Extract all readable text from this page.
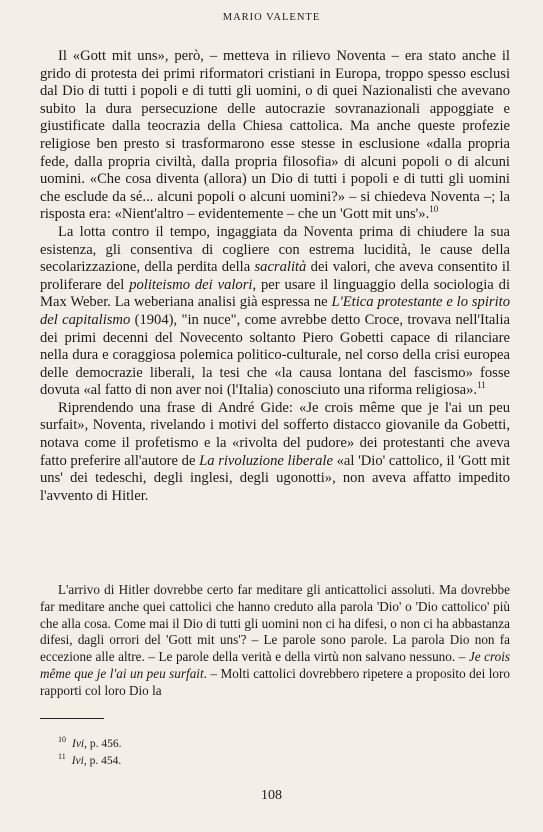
MARIO VALENTE

Il «Gott mit uns», però, – metteva in rilievo Noventa – era stato anche il grido di protesta dei primi riformatori cristiani in Europa, troppo spesso esclusi dal Dio di tutti i popoli e di tutti gli uomini, o di quei Nazionalisti che avevano subito la dura persecuzione delle autocrazie sovranazionali appoggiate e giustificate dalla teocrazia della Chiesa cattolica. Ma anche queste profezie religiose ben presto si trasformarono esse stesse in esclusione «dalla propria fede, dalla propria civiltà, dalla propria filosofia» di alcuni popoli o di alcuni uomini. «Che cosa diventa (allora) un Dio di tutti i popoli e di tutti gli uomini che esclude da sé... alcuni popoli o alcuni uomini?» – si chiedeva Noventa –; la risposta era: «Nient'altro – evidentemente – che un 'Gott mit uns'».$^{10}$

La lotta contro il tempo, ingaggiata da Noventa prima di chiudere la sua esistenza, gli consentiva di cogliere con estrema lucidità, le cause della secolarizzazione, della perdita della sacralità dei valori, che aveva consentito il proliferare del politeismo dei valori, per usare il linguaggio della sociologia di Max Weber. La weberiana analisi già espressa ne L'Etica protestante e lo spirito del capitalismo (1904), "in nuce", come avrebbe detto Croce, trovava nell'Italia dei primi decenni del Novecento soltanto Piero Gobetti capace di rilanciare nella dura e coraggiosa polemica politico-culturale, nel corso della crisi europea delle democrazie liberali, la tesi che «la causa lontana del fascismo» fosse dovuta «al fatto di non aver noi (l'Italia) conosciuto una riforma religiosa».$^{11}$

Riprendendo una frase di André Gide: «Je crois même que je l'ai un peu surfait», Noventa, rivelando i motivi del sofferto distacco giovanile da Gobetti, notava come il profetismo e la «rivolta del pudore» dei protestanti che aveva fatto preferire all'autore de La rivoluzione liberale «al 'Dio' cattolico, il 'Gott mit uns' dei tedeschi, degli inglesi, degli ugonotti», non aveva affatto impedito l'avvento di Hitler.

L'arrivo di Hitler dovrebbe certo far meditare gli anticattolici assoluti. Ma dovrebbe far meditare anche quei cattolici che hanno creduto alla parola 'Dio' o 'Dio cattolico' più che alla cosa. Come mai il Dio di tutti gli uomini non ci ha difesi, o non ci ha abbastanza difesi, dagli orrori del 'Gott mit uns'? – Le parole sono parole. La parola Dio non fa eccezione alle altre. – Le parole della verità e della virtù non salvano nessuno. – Je crois même que je l'ai un peu surfait. – Molti cattolici dovrebbero ripetere a proposito dei loro rapporti col loro Dio la

$^{10}$ Ivi, p. 456.
$^{11}$ Ivi, p. 454.
108
